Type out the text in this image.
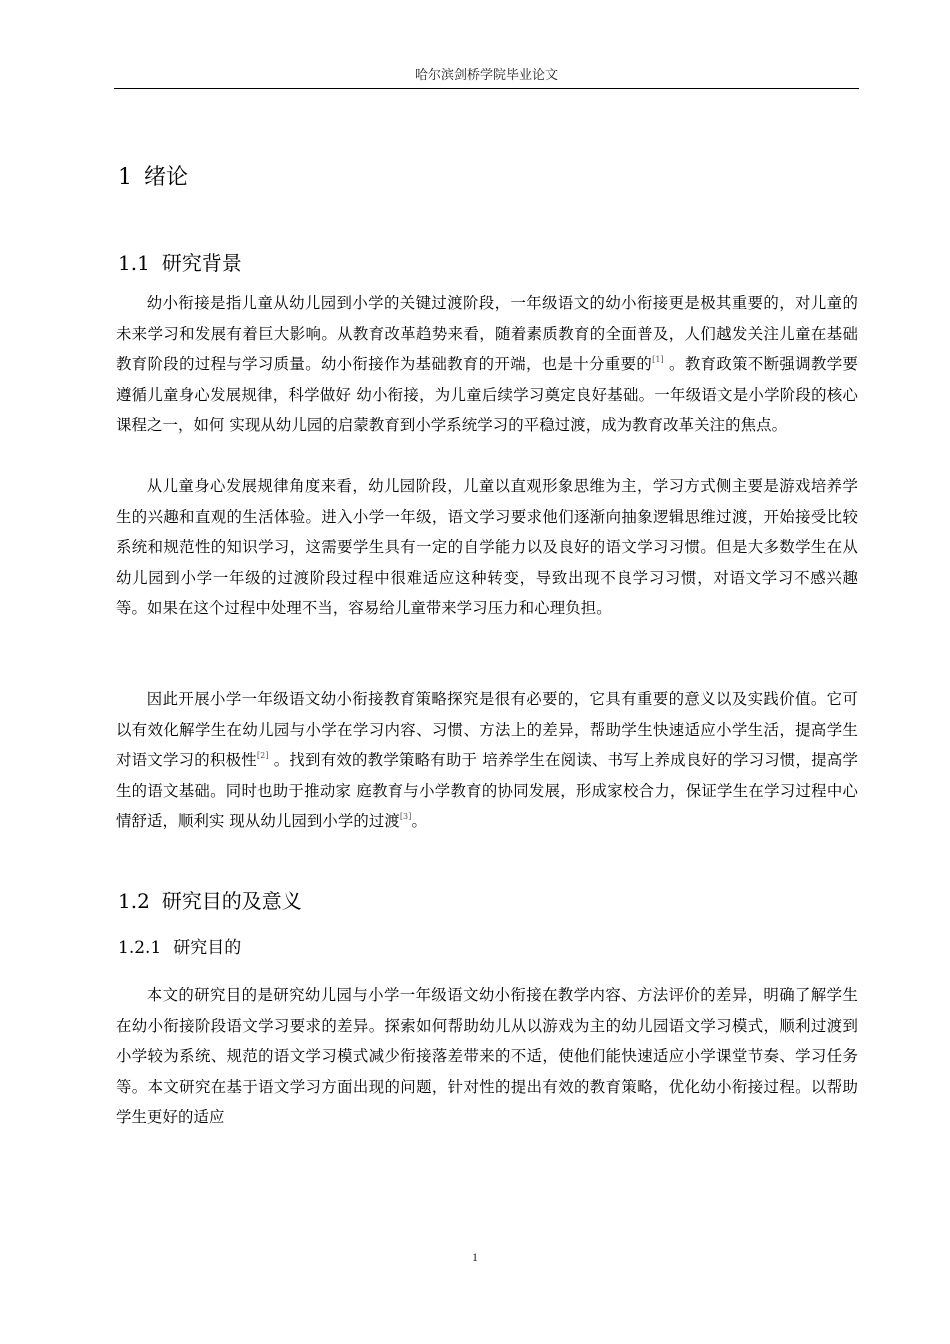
哈尔滨剑桥学院毕业论文
1 绪论
1.1 研究背景

幼小衔接是指儿童从幼儿园到小学的关键过渡阶段，一年级语文的幼小衔接更是极其重要的，对儿童的未来学习和发展有着巨大影响。从教育改革趋势来看，随着素质教育的全面普及，人们越发关注儿童在基础教育阶段的过程与学习质量。幼小衔接作为基础教育的开端，也是十分重要的[1] 。教育政策不断强调教学要遵循儿童身心发展规律，科学做好 幼小衔接，为儿童后续学习奠定良好基础。一年级语文是小学阶段的核心课程之一，如何 实现从幼儿园的启蒙教育到小学系统学习的平稳过渡，成为教育改革关注的焦点。

从儿童身心发展规律角度来看，幼儿园阶段，儿童以直观形象思维为主，学习方式侧主要是游戏培养学生的兴趣和直观的生活体验。进入小学一年级，语文学习要求他们逐渐向抽象逻辑思维过渡，开始接受比较系统和规范性的知识学习，这需要学生具有一定的自学能力以及良好的语文学习习惯。但是大多数学生在从幼儿园到小学一年级的过渡阶段过程中很难适应这种转变，导致出现不良学习习惯，对语文学习不感兴趣等。如果在这个过程中处理不当，容易给儿童带来学习压力和心理负担。

因此开展小学一年级语文幼小衔接教育策略探究是很有必要的，它具有重要的意义以及实践价值。它可以有效化解学生在幼儿园与小学在学习内容、习惯、方法上的差异，帮助学生快速适应小学生活，提高学生对语文学习的积极性[2] 。找到有效的教学策略有助于 培养学生在阅读、书写上养成良好的学习习惯，提高学生的语文基础。同时也助于推动家 庭教育与小学教育的协同发展，形成家校合力，保证学生在学习过程中心情舒适，顺利实 现从幼儿园到小学的过渡[3]。

1.2 研究目的及意义
1.2.1 研究目的

本文的研究目的是研究幼儿园与小学一年级语文幼小衔接在教学内容、方法评价的差异，明确了解学生在幼小衔接阶段语文学习要求的差异。探索如何帮助幼儿从以游戏为主的幼儿园语文学习模式，顺利过渡到小学较为系统、规范的语文学习模式减少衔接落差带来的不适，使他们能快速适应小学课堂节奏、学习任务等。本文研究在基于语文学习方面出现的问题，针对性的提出有效的教育策略，优化幼小衔接过程。以帮助学生更好的适应

1
